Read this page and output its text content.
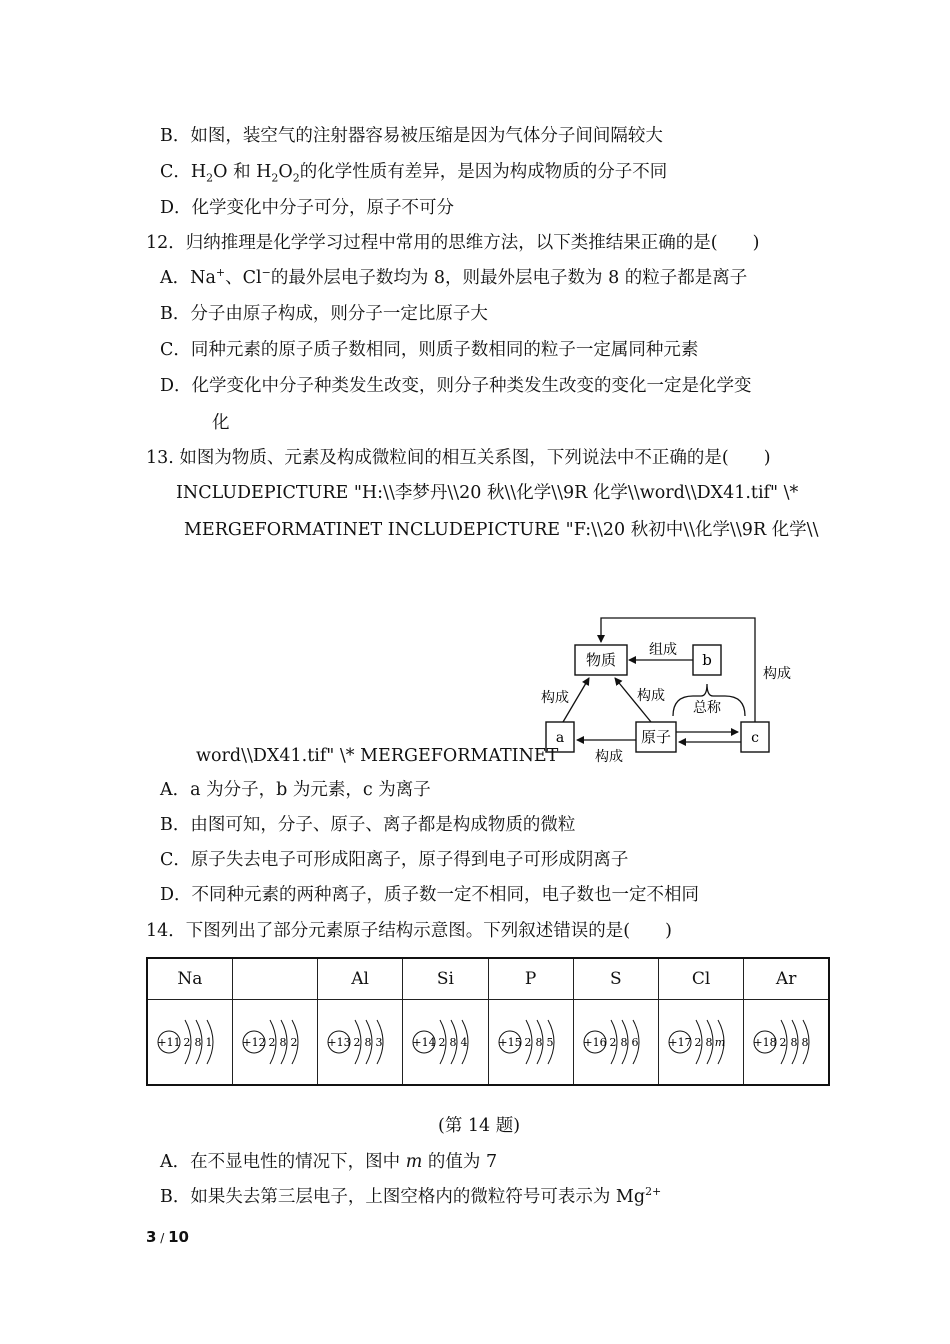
B．如图，装空气的注射器容易被压缩是因为气体分子间间隔较大
C．$H_2O$ 和 $H_2O_2$的化学性质有差异，是因为构成物质的分子不同
D．化学变化中分子可分，原子不可分
12．归纳推理是化学学习过程中常用的思维方法，以下类推结果正确的是(　　)
A．Na+、Cl−的最外层电子数均为 8，则最外层电子数为 8 的粒子都是离子
B．分子由原子构成，则分子一定比原子大
C．同种元素的原子质子数相同，则质子数相同的粒子一定属同种元素
D．化学变化中分子种类发生改变，则分子种类发生改变的变化一定是化学变
化
13. 如图为物质、元素及构成微粒间的相互关系图，下列说法中不正确的是(　　)
INCLUDEPICTURE "H:\\李梦丹\\20 秋\\化学\\9R 化学\\word\\DX41.tif" \*
MERGEFORMATINET INCLUDEPICTURE "F:\\20 秋初中\\化学\\9R 化学\\
物质	b
a	原子	c
组成
构成	构成
构成
构成
总称
word\\DX41.tif" \* MERGEFORMATINET
A．a 为分子，b 为元素，c 为离子
B．由图可知，分子、原子、离子都是构成物质的微粒
C．原子失去电子可形成阳离子，原子得到电子可形成阴离子
D．不同种元素的两种离子，质子数一定不相同，电子数也一定不相同
14．下图列出了部分元素原子结构示意图。下列叙述错误的是(　　)
Na		Al	Si	P	S	Cl	Ar

+11 2 8 1	+12 2 8 2	+13 2 8 3	+14 2 8 4	+15 2 8 5	+16 2 8 6	+17 2 8 m	+18 2 8 8
(第 14 题)
A．在不显电性的情况下，图中 m 的值为 7
B．如果失去第三层电子，上图空格内的微粒符号可表示为 $Mg^{2+}$
3 / 10
